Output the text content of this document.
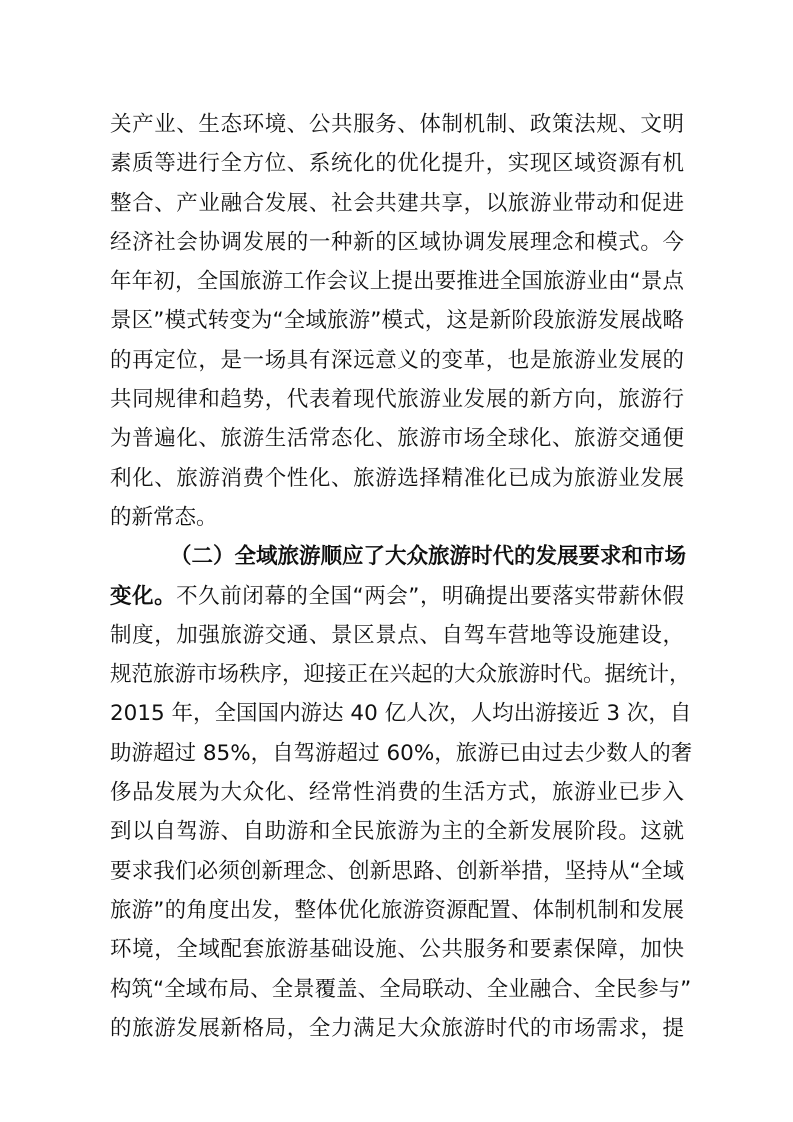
关产业、生态环境、公共服务、体制机制、政策法规、文明
素质等进行全方位、系统化的优化提升，实现区域资源有机
整合、产业融合发展、社会共建共享，以旅游业带动和促进
经济社会协调发展的一种新的区域协调发展理念和模式。今
年年初，全国旅游工作会议上提出要推进全国旅游业由“景点
景区”模式转变为“全域旅游”模式，这是新阶段旅游发展战略
的再定位，是一场具有深远意义的变革，也是旅游业发展的
共同规律和趋势，代表着现代旅游业发展的新方向，旅游行
为普遍化、旅游生活常态化、旅游市场全球化、旅游交通便
利化、旅游消费个性化、旅游选择精准化已成为旅游业发展
的新常态。
（二）全域旅游顺应了大众旅游时代的发展要求和市场
变化。不久前闭幕的全国“两会”，明确提出要落实带薪休假
制度，加强旅游交通、景区景点、自驾车营地等设施建设，
规范旅游市场秩序，迎接正在兴起的大众旅游时代。据统计，
2015 年，全国国内游达 40 亿人次，人均出游接近 3 次，自
助游超过 85%，自驾游超过 60%，旅游已由过去少数人的奢
侈品发展为大众化、经常性消费的生活方式，旅游业已步入
到以自驾游、自助游和全民旅游为主的全新发展阶段。这就
要求我们必须创新理念、创新思路、创新举措，坚持从“全域
旅游”的角度出发，整体优化旅游资源配置、体制机制和发展
环境，全域配套旅游基础设施、公共服务和要素保障，加快
构筑“全域布局、全景覆盖、全局联动、全业融合、全民参与”
的旅游发展新格局，全力满足大众旅游时代的市场需求，提
